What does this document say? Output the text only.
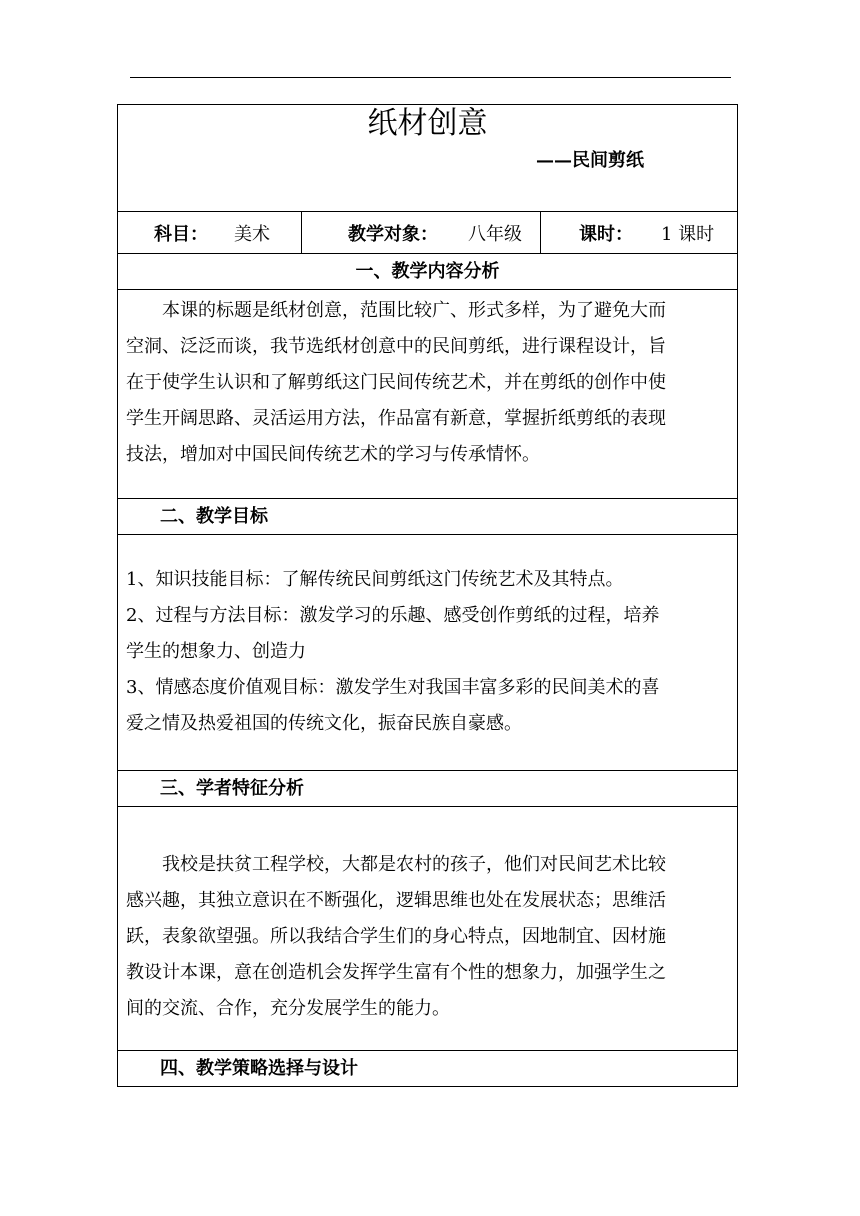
纸材创意
——民间剪纸
科目： 美术	教学对象： 八年级	课时： 1 课时
一、教学内容分析
本课的标题是纸材创意，范围比较广、形式多样，为了避免大而
空洞、泛泛而谈，我节选纸材创意中的民间剪纸，进行课程设计，旨
在于使学生认识和了解剪纸这门民间传统艺术，并在剪纸的创作中使
学生开阔思路、灵活运用方法，作品富有新意，掌握折纸剪纸的表现
技法，增加对中国民间传统艺术的学习与传承情怀。
二、教学目标
1、知识技能目标：了解传统民间剪纸这门传统艺术及其特点。
2、过程与方法目标：激发学习的乐趣、感受创作剪纸的过程，培养
学生的想象力、创造力
3、情感态度价值观目标：激发学生对我国丰富多彩的民间美术的喜
爱之情及热爱祖国的传统文化，振奋民族自豪感。
三、学者特征分析
我校是扶贫工程学校，大都是农村的孩子，他们对民间艺术比较
感兴趣，其独立意识在不断强化，逻辑思维也处在发展状态；思维活
跃，表象欲望强。所以我结合学生们的身心特点，因地制宜、因材施
教设计本课，意在创造机会发挥学生富有个性的想象力，加强学生之
间的交流、合作，充分发展学生的能力。
四、教学策略选择与设计
